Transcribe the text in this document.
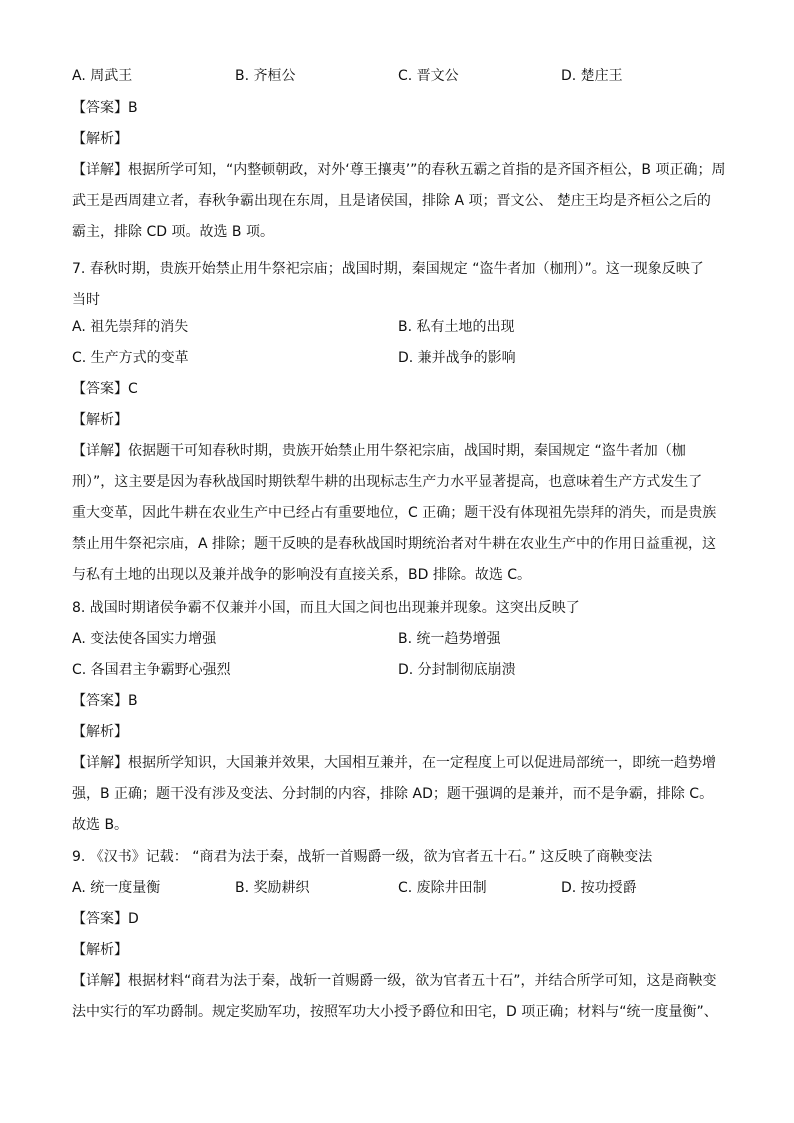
A. 周武王	B. 齐桓公	C. 晋文公	D. 楚庄王
【答案】B
【解析】
【详解】根据所学可知，“内整顿朝政，对外‘尊王攘夷’”的春秋五霸之首指的是齐国齐桓公，B 项正确；周
武王是西周建立者，春秋争霸出现在东周，且是诸侯国，排除 A 项；晋文公、 楚庄王均是齐桓公之后的
霸主，排除 CD 项。故选 B 项。
7. 春秋时期，贵族开始禁止用牛祭祀宗庙；战国时期，秦国规定 “盗牛者加（枷刑）”。这一现象反映了
当时
A. 祖先崇拜的消失	B. 私有土地的出现
C. 生产方式的变革	D. 兼并战争的影响
【答案】C
【解析】
【详解】依据题干可知春秋时期，贵族开始禁止用牛祭祀宗庙，战国时期，秦国规定 “盗牛者加（枷
刑）”，这主要是因为春秋战国时期铁犁牛耕的出现标志生产力水平显著提高，也意味着生产方式发生了
重大变革，因此牛耕在农业生产中已经占有重要地位，C 正确；题干没有体现祖先崇拜的消失，而是贵族
禁止用牛祭祀宗庙，A 排除；题干反映的是春秋战国时期统治者对牛耕在农业生产中的作用日益重视，这
与私有土地的出现以及兼并战争的影响没有直接关系，BD 排除。故选 C。
8. 战国时期诸侯争霸不仅兼并小国，而且大国之间也出现兼并现象。这突出反映了
A. 变法使各国实力增强	B. 统一趋势增强
C. 各国君主争霸野心强烈	D. 分封制彻底崩溃
【答案】B
【解析】
【详解】根据所学知识，大国兼并效果，大国相互兼并，在一定程度上可以促进局部统一，即统一趋势增
强，B 正确；题干没有涉及变法、分封制的内容，排除 AD；题干强调的是兼并，而不是争霸，排除 C。
故选 B。
9. 《汉书》记载： “商君为法于秦，战斩一首赐爵一级，欲为官者五十石。” 这反映了商鞅变法
A. 统一度量衡	B. 奖励耕织	C. 废除井田制	D. 按功授爵
【答案】D
【解析】
【详解】根据材料“商君为法于秦，战斩一首赐爵一级，欲为官者五十石”，并结合所学可知，这是商鞅变
法中实行的军功爵制。规定奖励军功，按照军功大小授予爵位和田宅，D 项正确；材料与“统一度量衡”、
